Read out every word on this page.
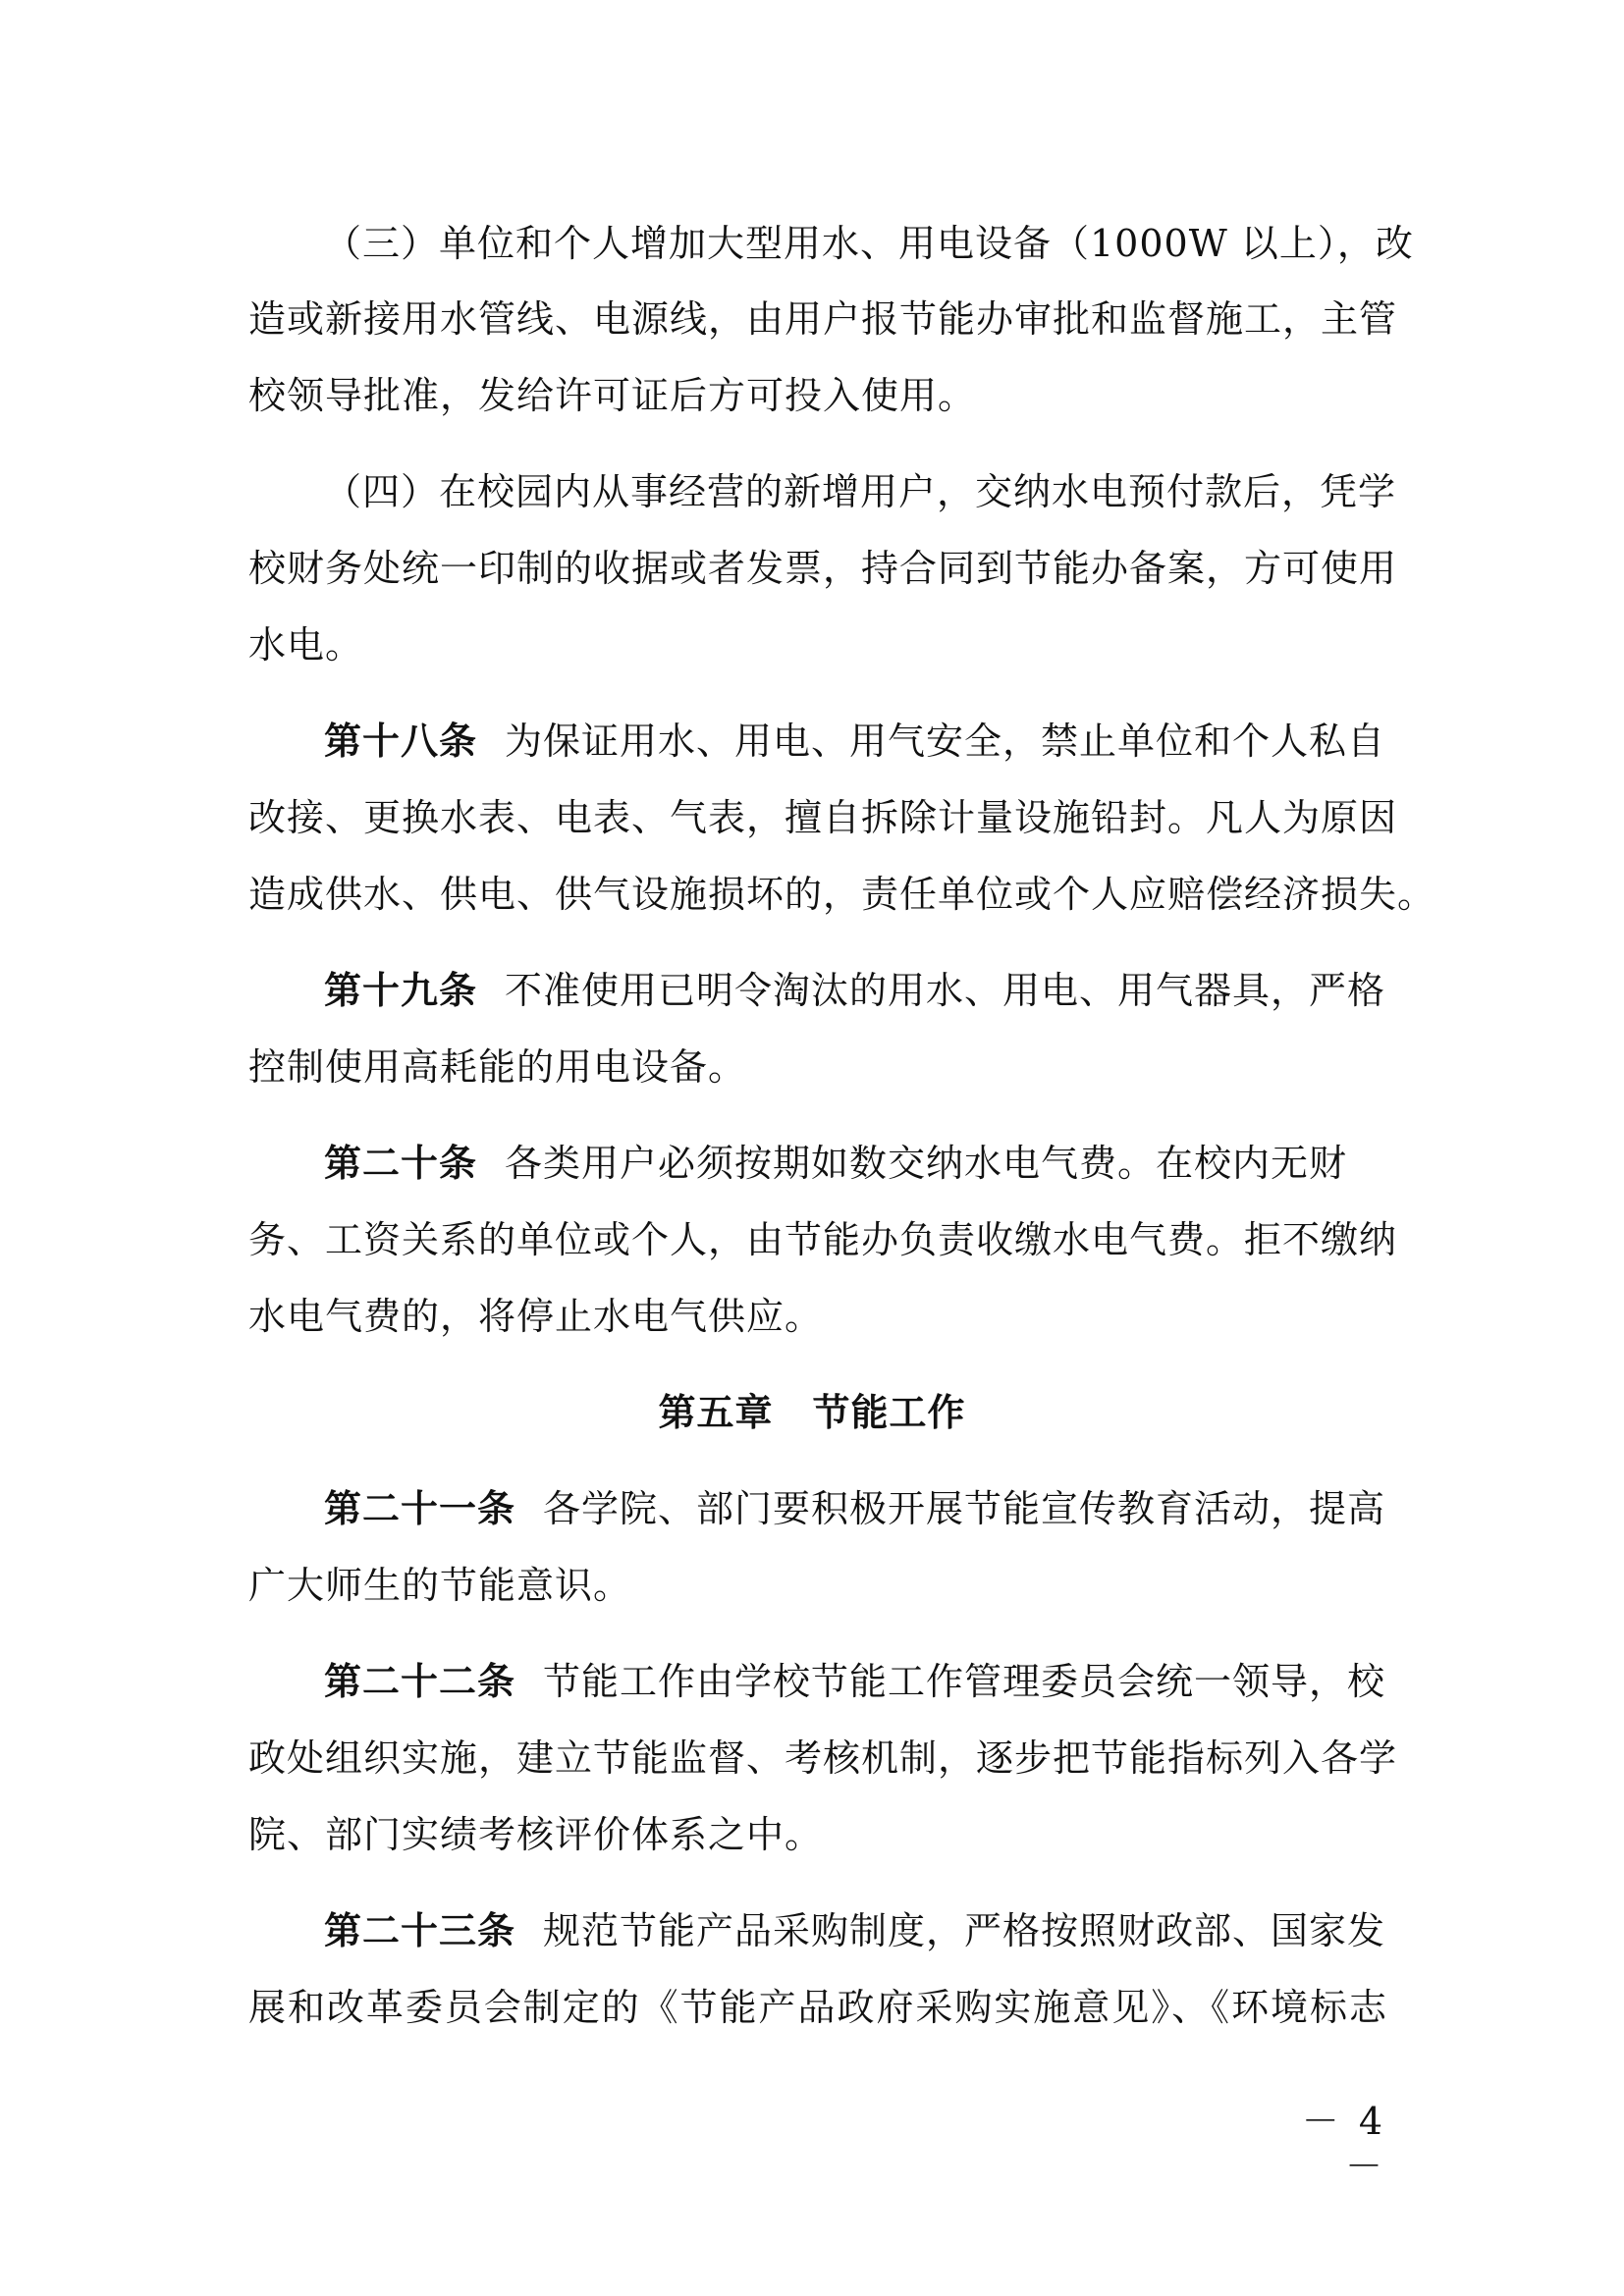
（三）单位和个人增加大型用水、用电设备（1000W 以上），改
造或新接用水管线、电源线，由用户报节能办审批和监督施工，主管
校领导批准，发给许可证后方可投入使用。
（四）在校园内从事经营的新增用户，交纳水电预付款后，凭学
校财务处统一印制的收据或者发票，持合同到节能办备案，方可使用
水电。
第十八条 为保证用水、用电、用气安全，禁止单位和个人私自
改接、更换水表、电表、气表，擅自拆除计量设施铅封。凡人为原因
造成供水、供电、供气设施损坏的，责任单位或个人应赔偿经济损失。
第十九条 不准使用已明令淘汰的用水、用电、用气器具，严格
控制使用高耗能的用电设备。
第二十条 各类用户必须按期如数交纳水电气费。在校内无财
务、工资关系的单位或个人，由节能办负责收缴水电气费。拒不缴纳
水电气费的，将停止水电气供应。
第五章 节能工作
第二十一条 各学院、部门要积极开展节能宣传教育活动，提高
广大师生的节能意识。
第二十二条 节能工作由学校节能工作管理委员会统一领导，校
政处组织实施，建立节能监督、考核机制，逐步把节能指标列入各学
院、部门实绩考核评价体系之中。
第二十三条 规范节能产品采购制度，严格按照财政部、国家发
展和改革委员会制定的《节能产品政府采购实施意见》、《环境标志
－ 4 －
